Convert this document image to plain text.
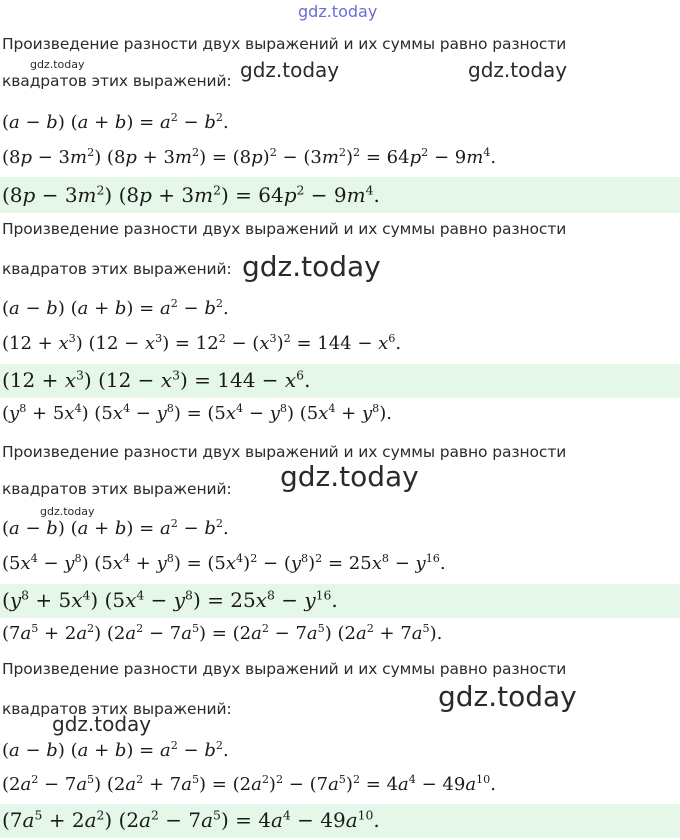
gdz.today
Произведение разности двух выражений и их суммы равно разности
gdz.today
квадратов этих выражений: gdz.today	gdz.today
(a − b) $(a + b) = a^2 - b^2$.
$(8p - 3m^2)$ $(8p + 3m^2) = (8p)^2 - (3m^2)^2 = 64p^2 - 9m^4$.
$(8p - 3m^2)$ $(8p + 3m^2) = 64p^2 - 9m^4$.
Произведение разности двух выражений и их суммы равно разности
квадратов этих выражений: gdz.today
(a − b) $(a + b) = a^2 - b^2$.
$(12 + x^3)$ $(12 - x^3) = 12^2 - (x^3)^2 = 144 - x^6$.
$(12 + x^3)$ $(12 - x^3) = 144 - x^6$.
$(y^8 + 5x^4) (5x^4 - y^8) = (5x^4 - y^8) (5x^4 + y^8)$.
Произведение разности двух выражений и их суммы равно разности
gdz.today
квадратов этих выражений:
gdz.today
(a − b) $(a + b) = a^2 - b^2$.
$(5x^4 - y^8) (5x^4 + y^8) = (5x^4)^2 - (y^8)^2 = 25x^8 - y^{16}$.
$(y^8 + 5x^4) (5x^4 - y^8) = 25x^8 - y^{16}$.
$(7a^5 + 2a^2) (2a^2 - 7a^5) = (2a^2 - 7a^5) (2a^2 + 7a^5)$.
Произведение разности двух выражений и их суммы равно разности
gdz.today
квадратов этих выражений:
gdz.today
(a − b) $(a + b) = a^2 - b^2$.
$(2a^2 - 7a^5) (2a^2 + 7a^5) = (2a^2)^2 - (7a^5)^2 = 4a^4 - 49a^{10}$.
$(7a^5 + 2a^2) (2a^2 - 7a^5) = 4a^4 - 49a^{10}$.
